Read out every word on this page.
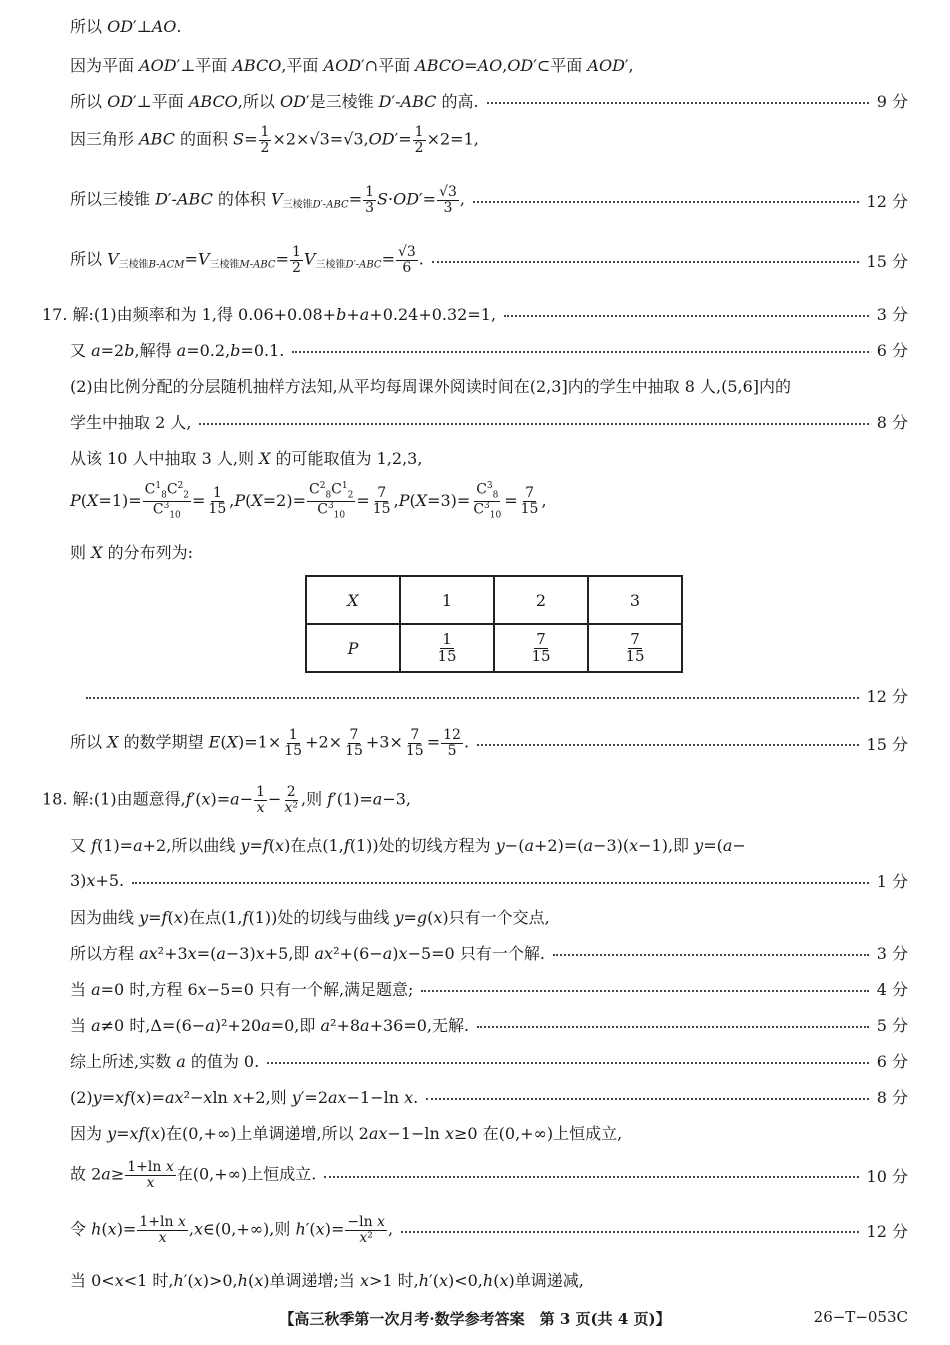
所以 OD′⊥AO.
因为平面 AOD′⊥平面 ABCO,平面 AOD′∩平面 ABCO=AO,OD′⊂平面 AOD′,
所以 OD′⊥平面 ABCO,所以 OD′是三棱锥 D′-ABC 的高.	9 分
因三角形 ABC 的面积 $S= \frac{1}{2} \times 2\times√3=√3,OD'= \frac{1}{2} \times 2=1$,
所以三棱锥 D′-ABC 的体积 $V_{三棱锥D'-ABC}= \frac{1}{3} S\cdot OD'= \frac{√3}{3}$ ,	12 分
所以 $V_{三棱锥B-ACM}=V_{三棱锥M-ABC}= \frac{1}{2} V_{三棱锥D'-ABC}= \frac{√3}{6}$ .	15 分
17. 解:(1)由频率和为 1,得 0.06+0.08+b+a+0.24+0.32=1,	3 分
又 a=2b,解得 a=0.2,b=0.1.	6 分
(2)由比例分配的分层随机抽样方法知,从平均每周课外阅读时间在(2,3]内的学生中抽取 8 人,(5,6]内的
学生中抽取 2 人,	8 分
从该 10 人中抽取 3 人,则 X 的可能取值为 1,2,3,
$P(X=1)= \frac{C^1_8C^2_2}{C^3_{10}} = \frac{1}{15} ,P(X=2)= \frac{C^2_8C^1_2}{C^3_{10}} = \frac{7}{15} ,P(X=3)= \frac{C^3_8}{C^3_{10}} = \frac{7}{15}$ ,
则 X 的分布列为:
X	1	2	3
P	$\frac{1}{15}$	$\frac{7}{15}$	$\frac{7}{15}$
12 分
所以 X 的数学期望 $E(X)=1\times \frac{1}{15} +2\times \frac{7}{15} +3\times \frac{7}{15} = \frac{12}{5}$ .	15 分
18. 解:(1)由题意得$,f'(x)=a- \frac{1}{x} - \frac{2}{\text{x²}}$ ,则 f′(1)=a−3,
又 f(1)=a+2,所以曲线 y=f(x)在点(1,f(1))处的切线方程为 y−(a+2)=(a−3)(x−1),即 y=(a−
3)x+5.	1 分
因为曲线 y=f(x)在点(1,f(1))处的切线与曲线 y=g(x)只有一个交点,
所以方程 ax²+3x=(a−3)x+5,即 ax²+(6−a)x−5=0 只有一个解.	3 分
当 a=0 时,方程 6x−5=0 只有一个解,满足题意;	4 分
当 a≠0 时,Δ=(6−a)²+20a=0,即 a²+8a+36=0,无解.	5 分
综上所述,实数 a 的值为 0.	6 分
(2)y=xf(x)=ax²−xln x+2,则 y′=2ax−1−ln x.	8 分
因为 y=xf(x)在(0,+∞)上单调递增,所以 2ax−1−ln x≥0 在(0,+∞)上恒成立,
故 $2a\ge \frac{\text{1+ln x}}{x}$ 在(0,+∞)上恒成立.	10 分
令 $h(x)= \frac{\text{1+ln x}}{x}$ ,x∈(0,+∞),则 $h'(x)= \frac{\text{−ln x}}{\text{x²}}$ ,	12 分
当 0<x<1 时,h′(x)>0,h(x)单调递增;当 x>1 时,h′(x)<0,h(x)单调递减,
【高三秋季第一次月考·数学参考答案　第 3 页(共 4 页)】	26−T−053C
